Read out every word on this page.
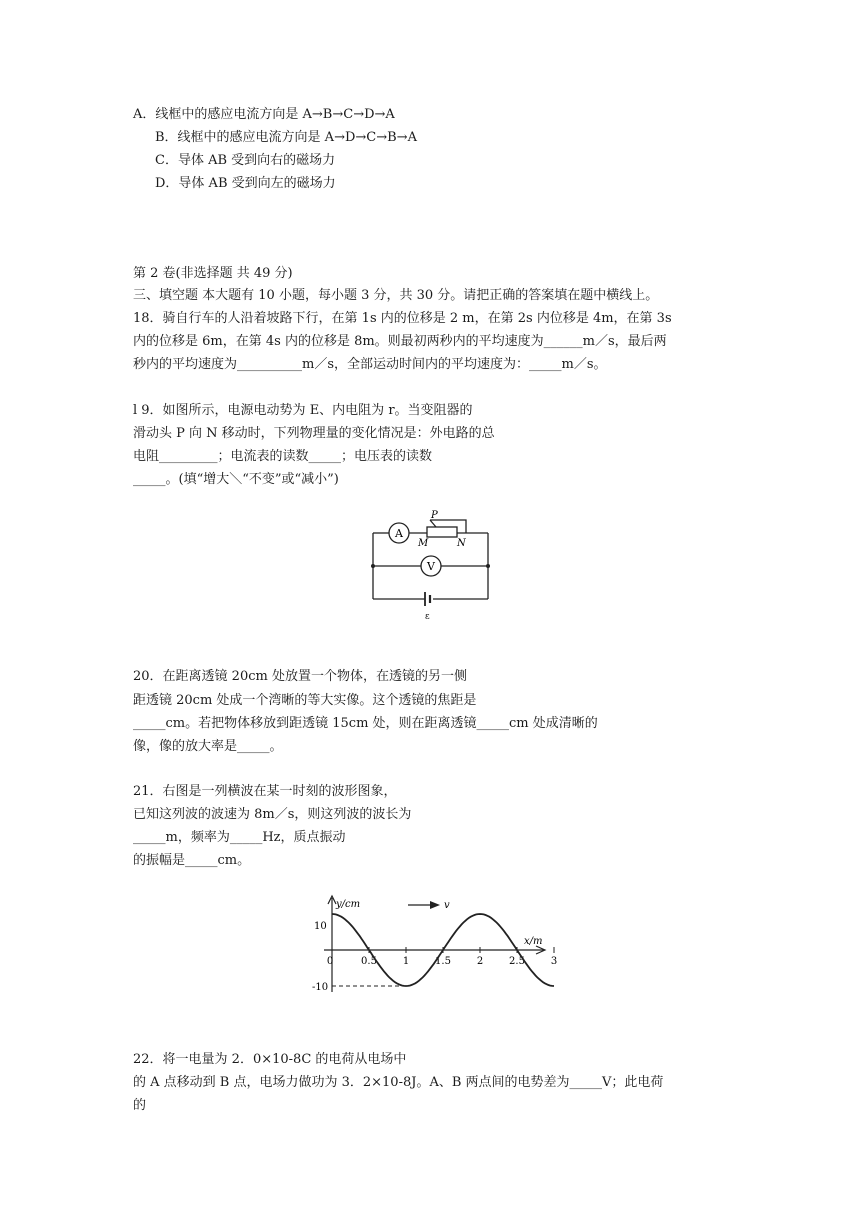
A．线框中的感应电流方向是 A→B→C→D→A
B．线框中的感应电流方向是 A→D→C→B→A
C．导体 AB 受到向右的磁场力
D．导体 AB 受到向左的磁场力
第 2 卷(非选择题 共 49 分)
三、填空题 本大题有 10 小题，每小题 3 分，共 30 分。请把正确的答案填在题中横线上。
18．骑自行车的人沿着坡路下行，在第 1s 内的位移是 2 m，在第 2s 内位移是 4m，在第 3s
内的位移是 6m，在第 4s 内的位移是 8m。则最初两秒内的平均速度为______m／s，最后两
秒内的平均速度为__________m／s，全部运动时间内的平均速度为：_____m／s。
l 9．如图所示，电源电动势为 E、内电阻为 r。当变阻器的
滑动头 P 向 N 移动时，下列物理量的变化情况是：外电路的总
电阻_________；电流表的读数_____；电压表的读数
_____。(填“增大＼“不变”或“减小”)
A
V
P
M	N
ε
20．在距离透镜 20cm 处放置一个物体，在透镜的另一侧
距透镜 20cm 处成一个湾晰的等大实像。这个透镜的焦距是
_____cm。若把物体移放到距透镜 15cm 处，则在距离透镜_____cm 处成清晰的
像，像的放大率是_____。
21．右图是一列横波在某一时刻的波形图象，
已知这列波的波速为 8m／s，则这列波的波长为
_____m，频率为_____Hz，质点振动
的振幅是_____cm。
y/cm	v
x/m
10
-10
0	0.5	1	1.5	2	2.5	3
22．将一电量为 2．0×10-8C 的电荷从电场中
的 A 点移动到 B 点，电场力做功为 3．2×10-8J。A、B 两点间的电势差为_____V；此电荷
的
